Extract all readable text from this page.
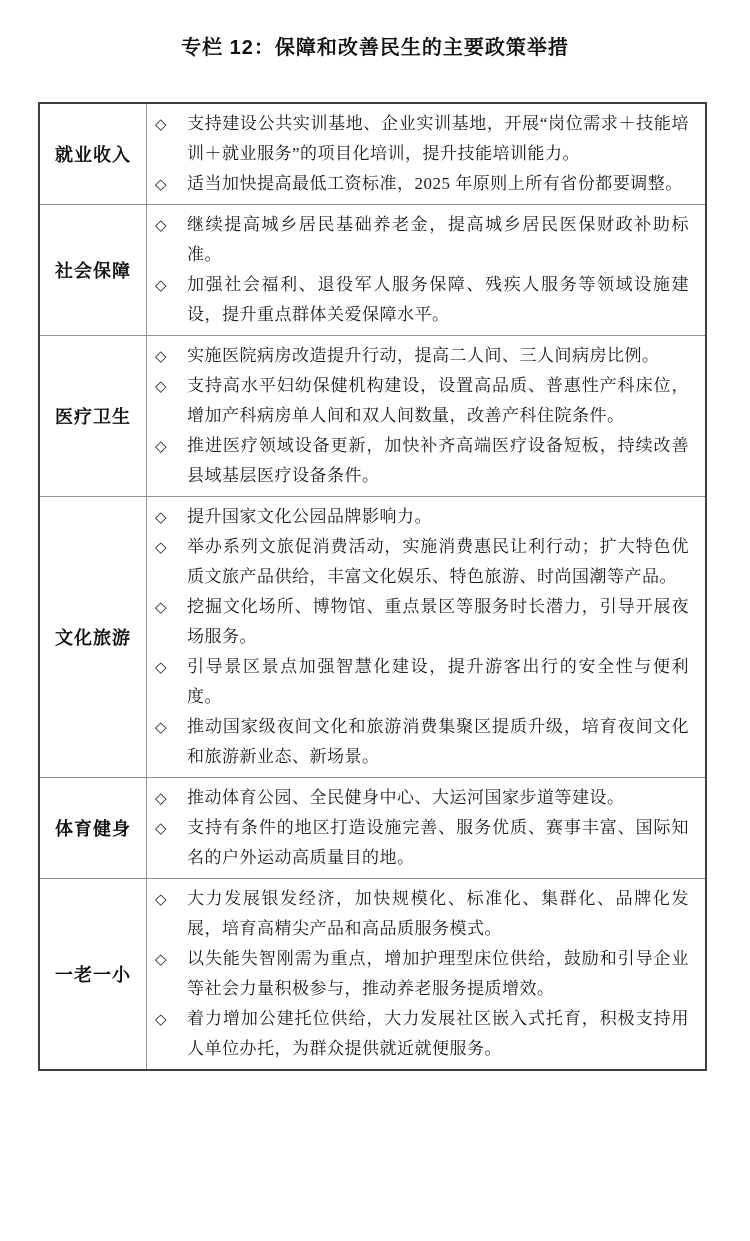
专栏 12：保障和改善民生的主要政策举措
就业收入
◇ 支持建设公共实训基地、企业实训基地，开展“岗位需求＋技能培训＋就业服务”的项目化培训，提升技能培训能力。
◇ 适当加快提高最低工资标准，2025 年原则上所有省份都要调整。
社会保障
◇ 继续提高城乡居民基础养老金，提高城乡居民医保财政补助标准。
◇ 加强社会福利、退役军人服务保障、残疾人服务等领域设施建设，提升重点群体关爱保障水平。
医疗卫生
◇ 实施医院病房改造提升行动，提高二人间、三人间病房比例。
◇ 支持高水平妇幼保健机构建设，设置高品质、普惠性产科床位，增加产科病房单人间和双人间数量，改善产科住院条件。
◇ 推进医疗领域设备更新，加快补齐高端医疗设备短板，持续改善县域基层医疗设备条件。
文化旅游
◇ 提升国家文化公园品牌影响力。
◇ 举办系列文旅促消费活动，实施消费惠民让利行动；扩大特色优质文旅产品供给，丰富文化娱乐、特色旅游、时尚国潮等产品。
◇ 挖掘文化场所、博物馆、重点景区等服务时长潜力，引导开展夜场服务。
◇ 引导景区景点加强智慧化建设，提升游客出行的安全性与便利度。
◇ 推动国家级夜间文化和旅游消费集聚区提质升级，培育夜间文化和旅游新业态、新场景。
体育健身
◇ 推动体育公园、全民健身中心、大运河国家步道等建设。
◇ 支持有条件的地区打造设施完善、服务优质、赛事丰富、国际知名的户外运动高质量目的地。
一老一小
◇ 大力发展银发经济，加快规模化、标准化、集群化、品牌化发展，培育高精尖产品和高品质服务模式。
◇ 以失能失智刚需为重点，增加护理型床位供给，鼓励和引导企业等社会力量积极参与，推动养老服务提质增效。
◇ 着力增加公建托位供给，大力发展社区嵌入式托育，积极支持用人单位办托，为群众提供就近就便服务。
